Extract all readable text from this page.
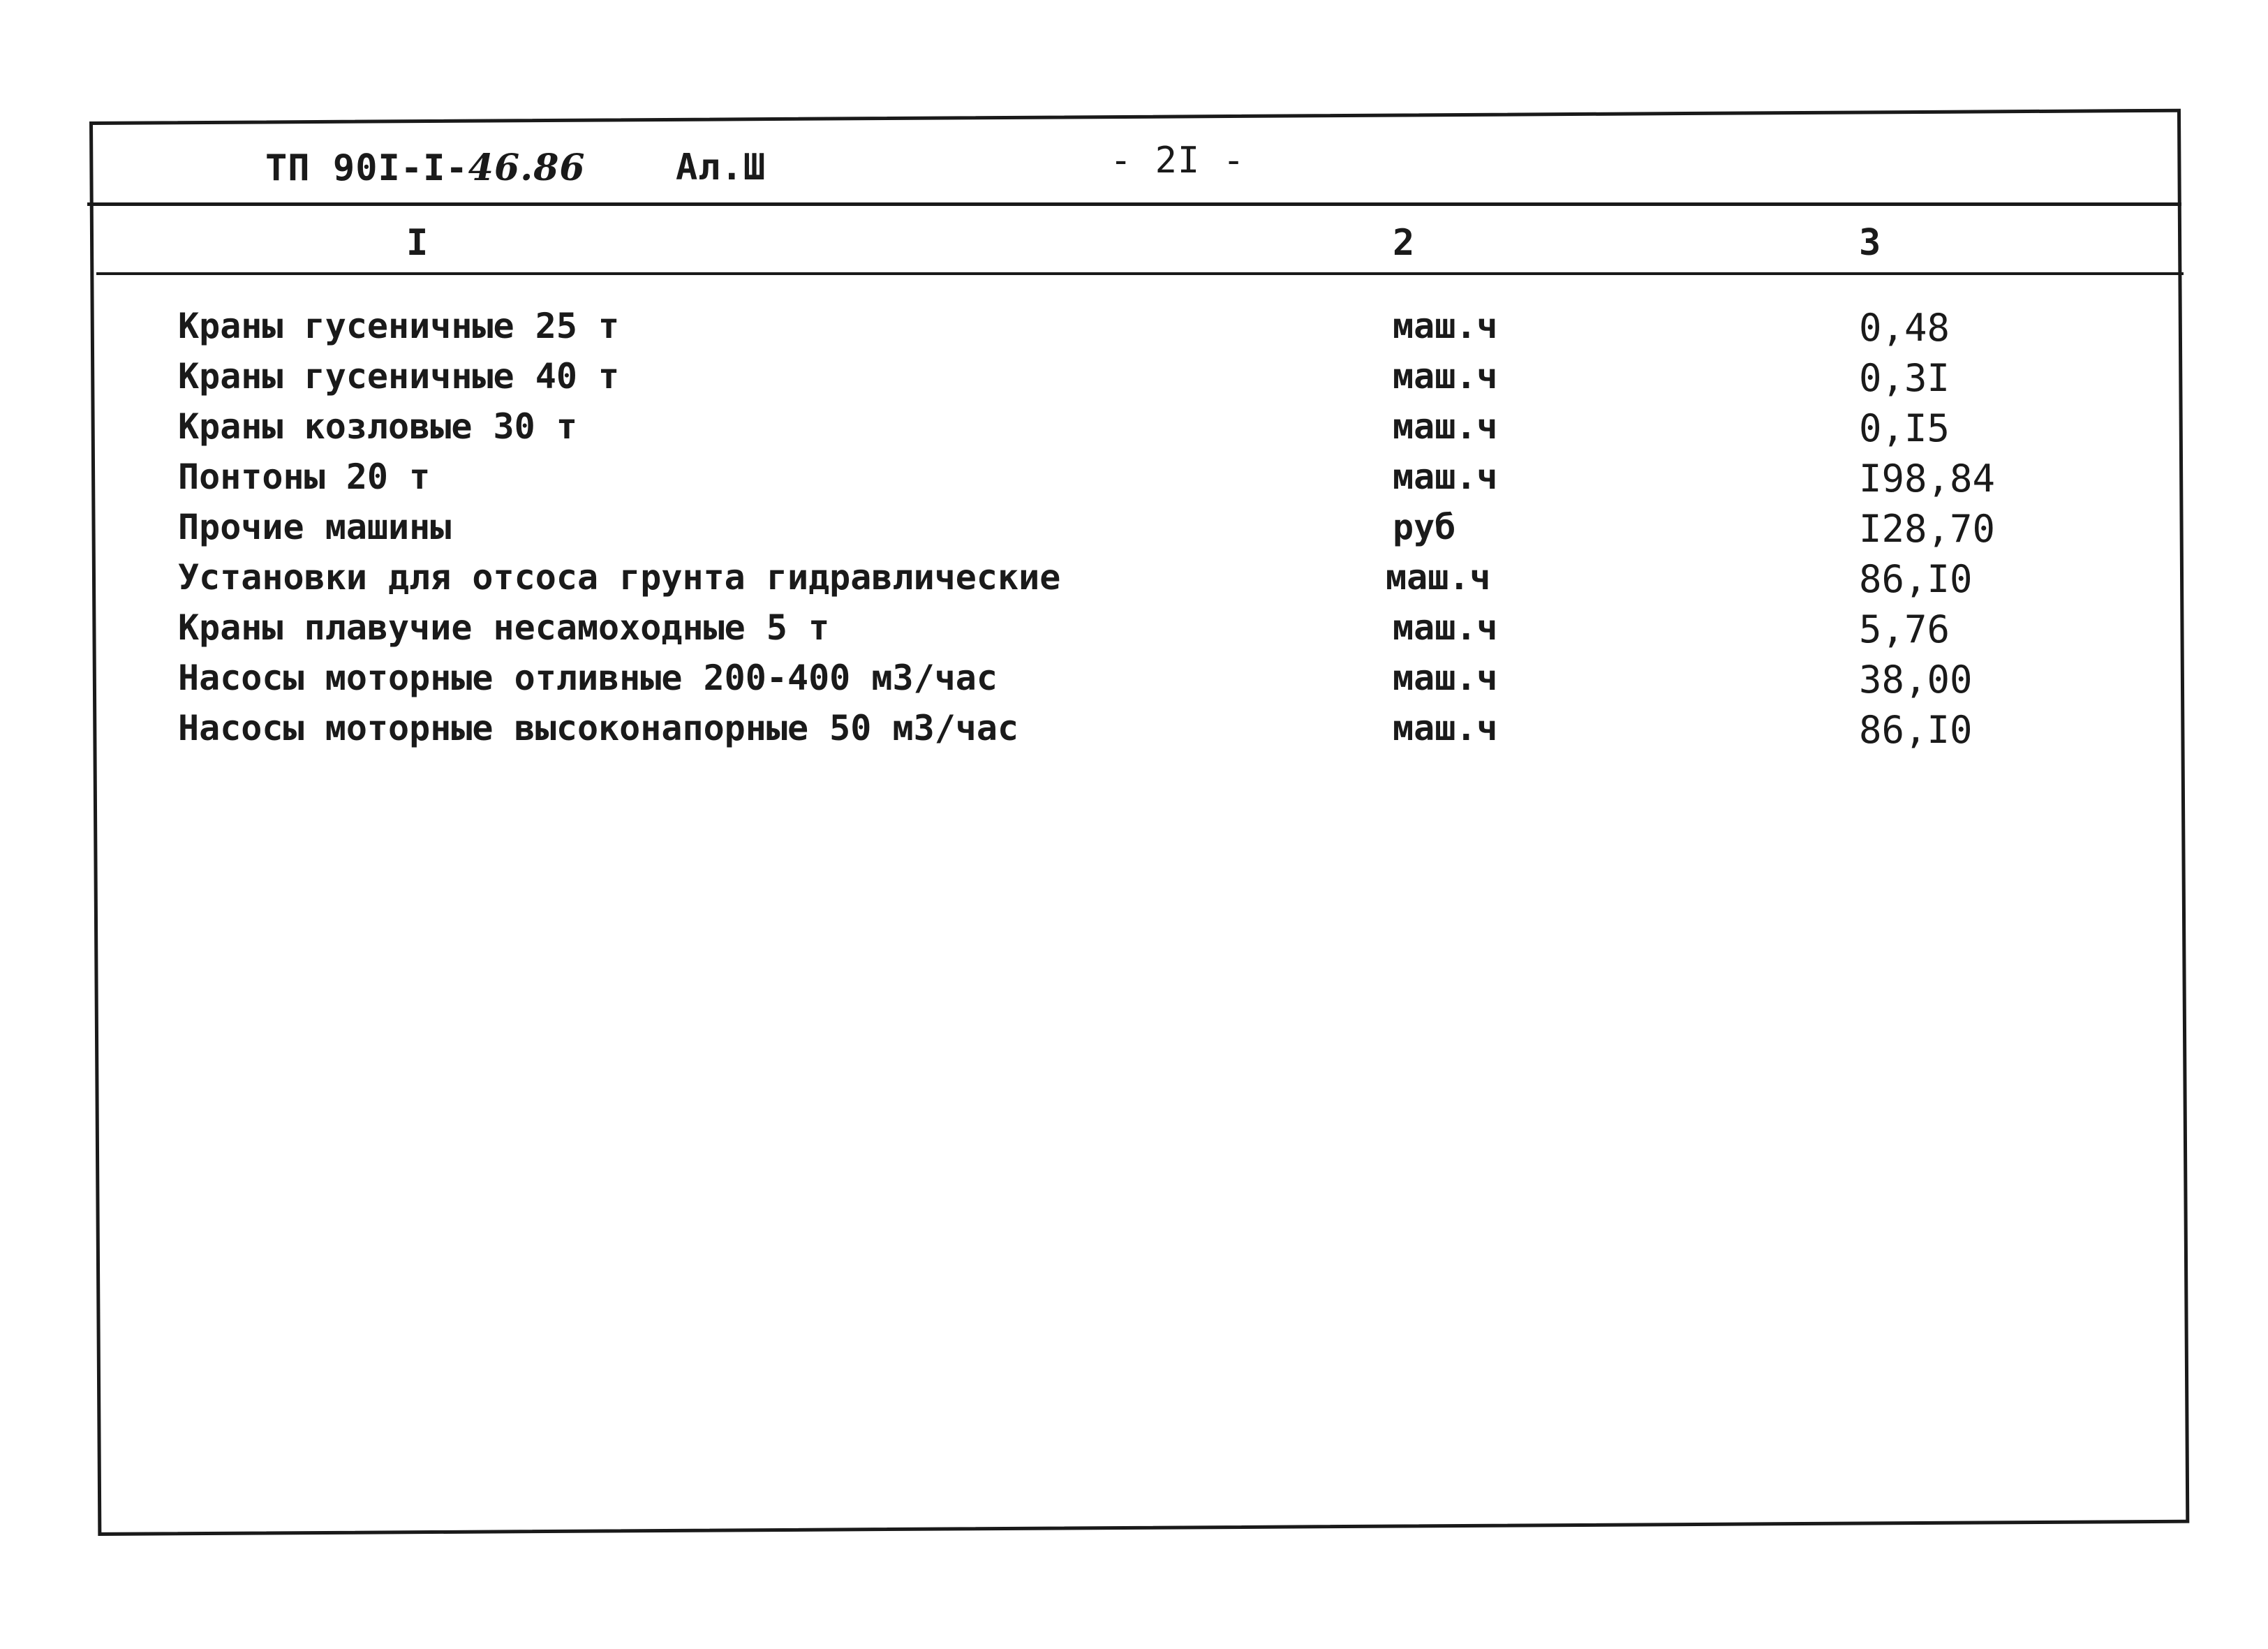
ТП 90I-I-46.86 Ал.Ш	- 2I -
I	2	3
Краны гусеничные 25 т	маш.ч	0,48
Краны гусеничные 40 т	маш.ч	0,3I
Краны козловые 30 т	маш.ч	0,I5
Понтоны 20 т	маш.ч	I98,84
Прочие машины	руб	I28,70
Установки для отсоса грунта гидравлические	маш.ч	86,I0
Краны плавучие несамоходные 5 т	маш.ч	5,76
Насосы моторные отливные 200-400 м3/час	маш.ч	38,00
Насосы моторные высоконапорные 50 м3/час	маш.ч	86,I0
